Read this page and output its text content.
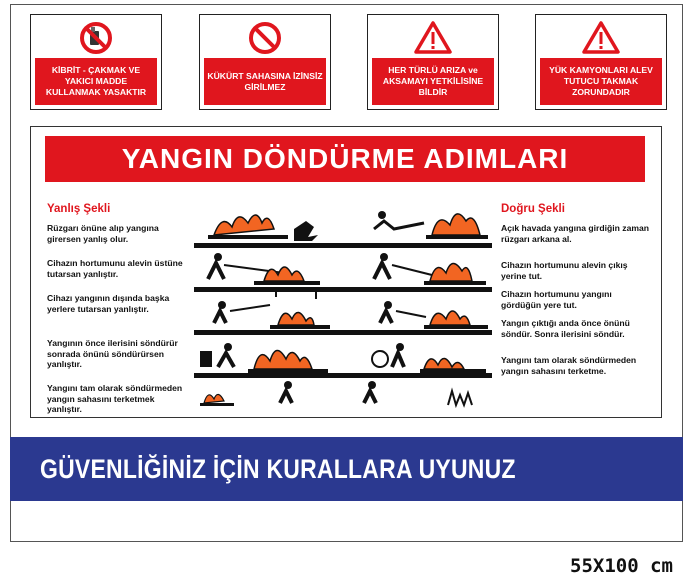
KİBRİT - ÇAKMAK VE YAKICI MADDE KULLANMAK YASAKTIR
KÜKÜRT SAHASINA İZİNSİZ GİRİLMEZ
HER TÜRLÜ ARIZA ve AKSAMAYI YETKİLİSİNE BİLDİR
YÜK KAMYONLARI ALEV TUTUCU TAKMAK ZORUNDADIR
YANGIN DÖNDÜRME ADIMLARI
Yanlış Şekli
Rüzgarı önüne alıp yangına girersen yanlış olur.
Cihazın hortumunu alevin üstüne tutarsan yanlıştır.
Cihazı yangının dışında başka yerlere tutarsan yanlıştır.
Yangının önce ilerisini söndürür sonrada önünü söndürürsen yanlıştır.
Yangını tam olarak söndürmeden yangın sahasını terketmek yanlıştır.
Doğru Şekli
Açık havada yangına girdiğin zaman rüzgarı arkana al.
Cihazın hortumunu alevin çıkış yerine tut.
Cihazın hortumunu yangını gördüğün yere tut.
Yangın çıktığı anda önce önünü söndür. Sonra ilerisini söndür.
Yangını tam olarak söndürmeden yangın sahasını terketme.
GÜVENLİĞİNİZ İÇİN KURALLARA UYUNUZ
55X100 cm
